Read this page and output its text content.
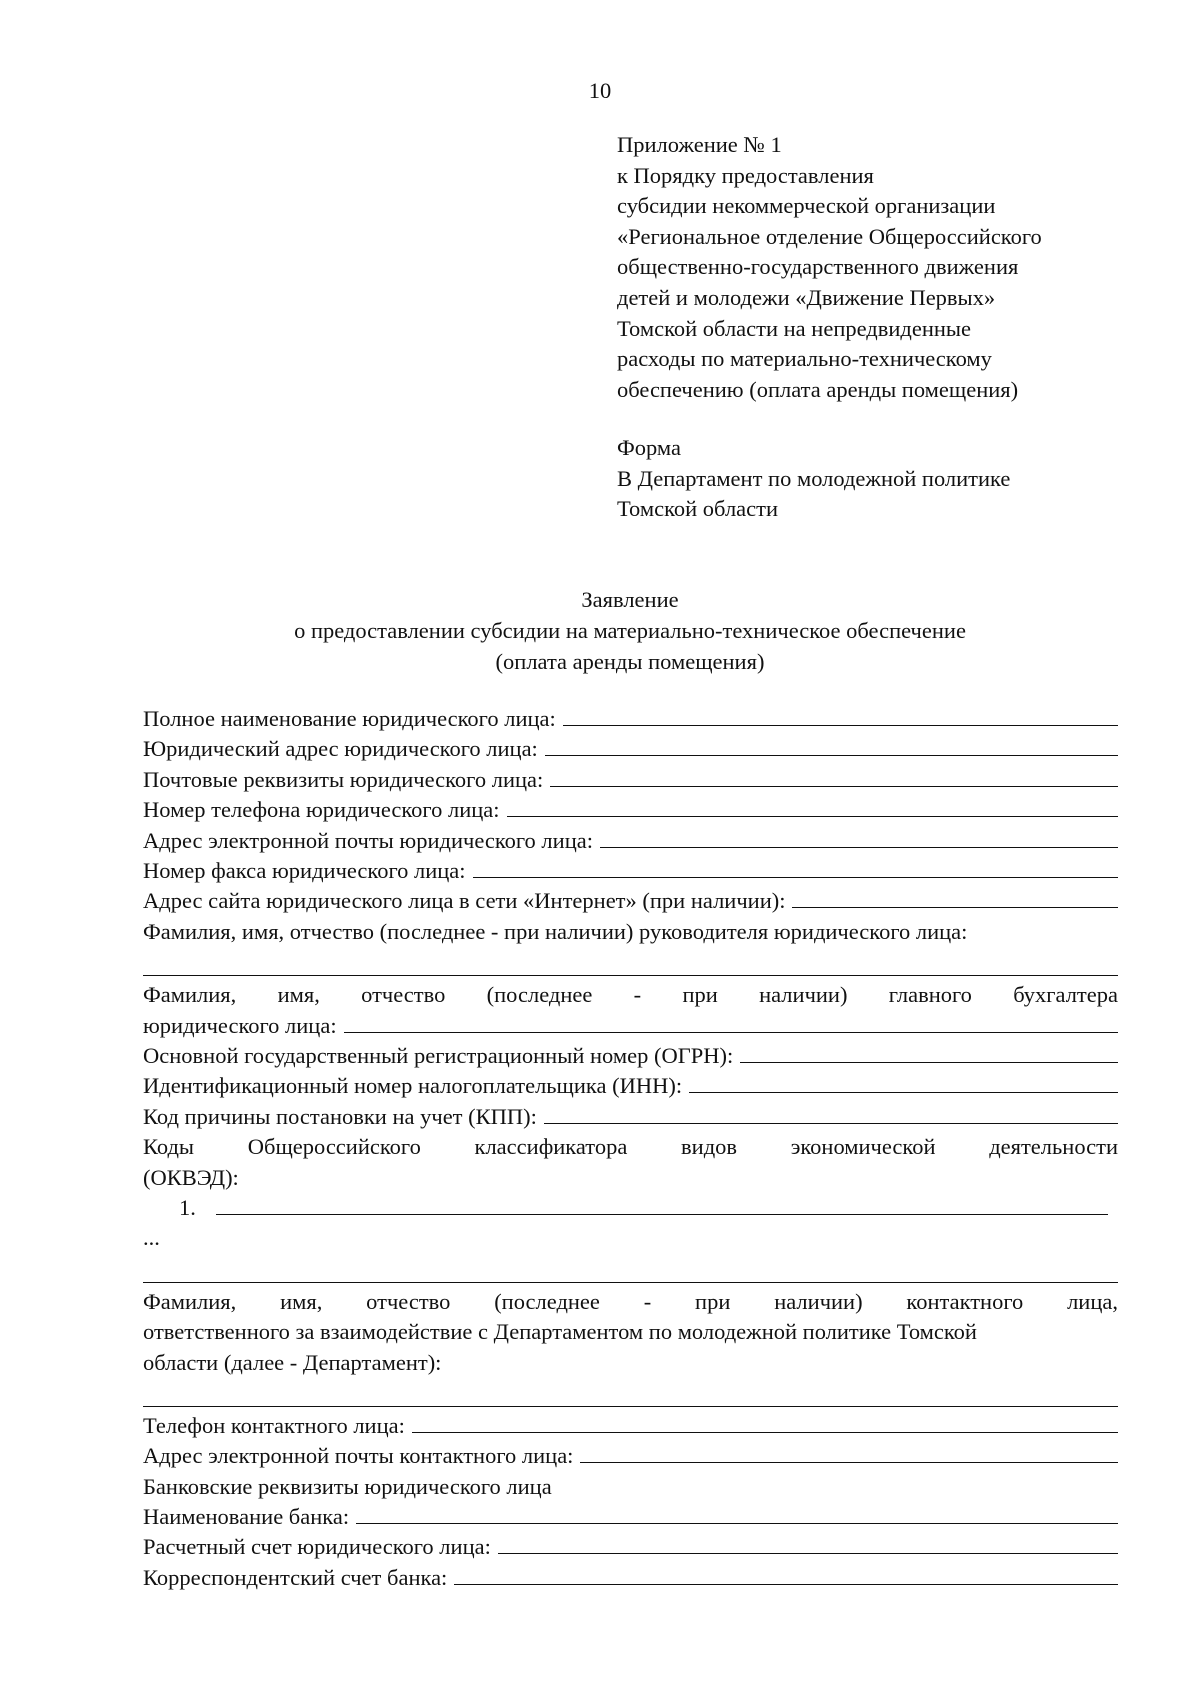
10
Приложение № 1
к Порядку предоставления
субсидии некоммерческой организации
«Региональное отделение Общероссийского
общественно-государственного движения
детей и молодежи «Движение Первых»
Томской области на непредвиденные
расходы по материально-техническому
обеспечению (оплата аренды помещения)
Форма
В Департамент по молодежной политике
Томской области
Заявление
о предоставлении субсидии на материально-техническое обеспечение
(оплата аренды помещения)
Полное наименование юридического лица:
Юридический адрес юридического лица:
Почтовые реквизиты юридического лица:
Номер телефона юридического лица:
Адрес электронной почты юридического лица:
Номер факса юридического лица:
Адрес сайта юридического лица в сети «Интернет» (при наличии):
Фамилия, имя, отчество (последнее - при наличии) руководителя юридического лица:
Фамилия, имя, отчество (последнее - при наличии) главного бухгалтера
юридического лица:
Основной государственный регистрационный номер (ОГРН):
Идентификационный номер налогоплательщика (ИНН):
Код причины постановки на учет (КПП):
Коды Общероссийского классификатора видов экономической деятельности
(ОКВЭД):
1.
...
Фамилия, имя, отчество (последнее - при наличии) контактного лица,
ответственного за взаимодействие с Департаментом по молодежной политике Томской
области (далее - Департамент):
Телефон контактного лица:
Адрес электронной почты контактного лица:
Банковские реквизиты юридического лица
Наименование банка:
Расчетный счет юридического лица:
Корреспондентский счет банка:
